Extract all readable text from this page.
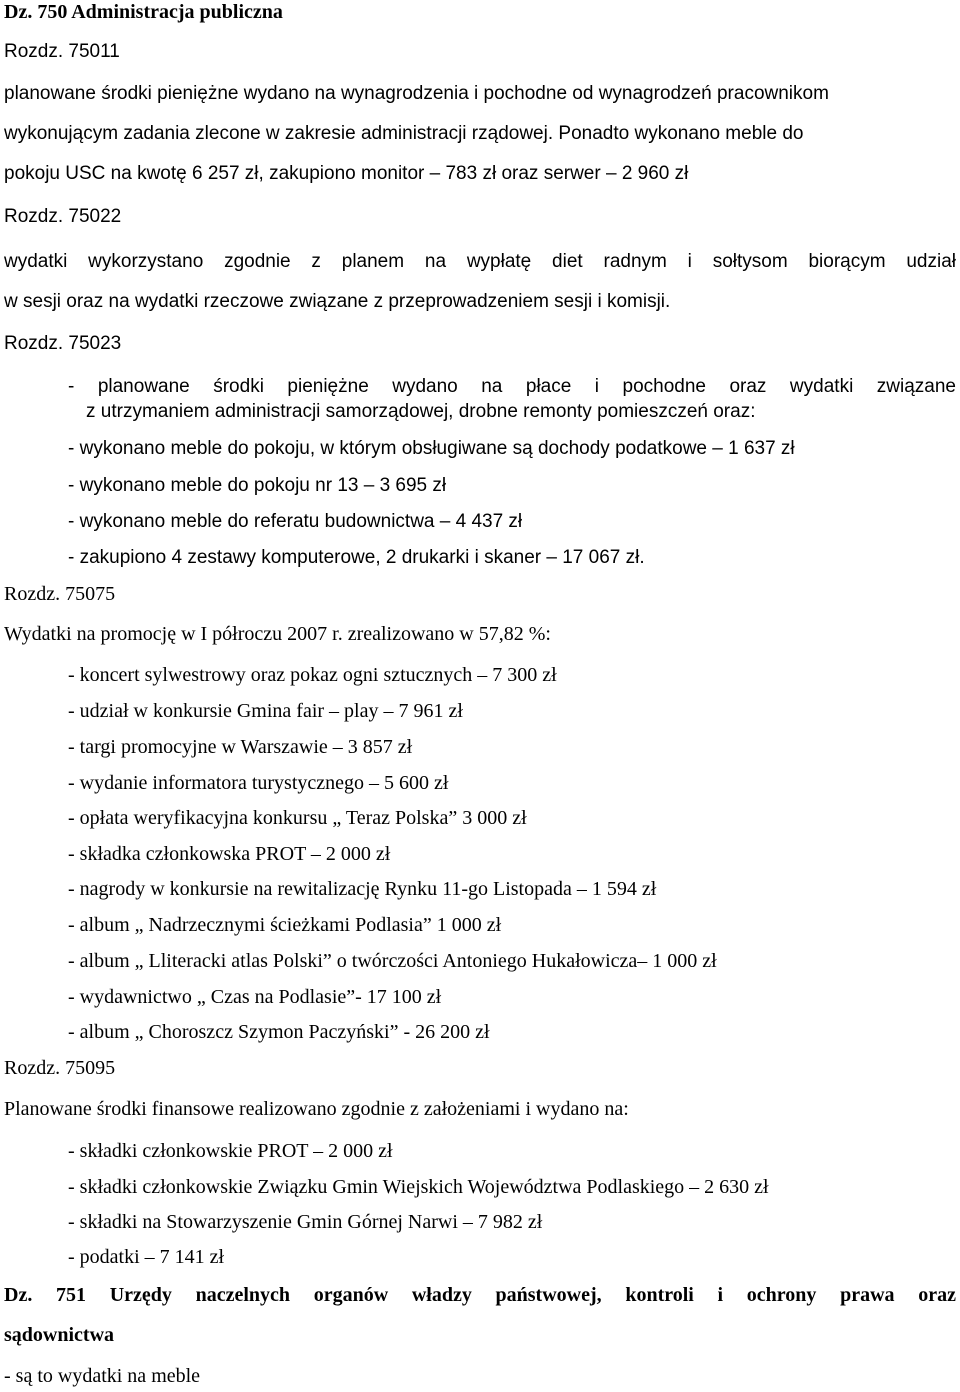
Dz. 750 Administracja publiczna
Rozdz. 75011
planowane środki pieniężne wydano na wynagrodzenia i pochodne od wynagrodzeń pracownikom
wykonującym zadania zlecone w zakresie administracji rządowej. Ponadto wykonano meble do
pokoju USC na kwotę 6 257 zł, zakupiono monitor – 783 zł oraz serwer – 2 960 zł
Rozdz. 75022
wydatki wykorzystano zgodnie z planem na wypłatę diet radnym i sołtysom biorącym udział
w sesji oraz na wydatki rzeczowe związane z przeprowadzeniem sesji i komisji.
Rozdz. 75023
- planowane środki pieniężne wydano na płace i pochodne oraz wydatki związane
z utrzymaniem administracji samorządowej, drobne remonty pomieszczeń oraz:
- wykonano meble do pokoju, w którym obsługiwane są dochody podatkowe – 1 637 zł
- wykonano meble do pokoju nr 13 – 3 695 zł
- wykonano meble do referatu budownictwa – 4 437 zł
- zakupiono 4 zestawy komputerowe, 2 drukarki i skaner – 17 067 zł.
Rozdz. 75075
Wydatki na promocję w I półroczu 2007 r. zrealizowano w 57,82 %:
- koncert sylwestrowy oraz pokaz ogni sztucznych – 7 300 zł
- udział w konkursie Gmina fair – play – 7 961 zł
- targi promocyjne w Warszawie – 3 857 zł
- wydanie informatora turystycznego – 5 600 zł
- opłata weryfikacyjna konkursu „ Teraz Polska” 3 000 zł
- składka członkowska PROT – 2 000 zł
- nagrody w konkursie na rewitalizację Rynku 11-go Listopada – 1 594 zł
- album „ Nadrzecznymi ścieżkami Podlasia” 1 000 zł
- album „ Lliteracki atlas Polski” o twórczości Antoniego Hukałowicza– 1 000 zł
- wydawnictwo „ Czas na Podlasie”- 17 100 zł
- album „ Choroszcz Szymon Paczyński” - 26 200 zł
Rozdz. 75095
Planowane środki finansowe realizowano zgodnie z założeniami i wydano na:
- składki członkowskie PROT – 2 000 zł
- składki członkowskie Związku Gmin Wiejskich Województwa Podlaskiego – 2 630 zł
- składki na Stowarzyszenie Gmin Górnej Narwi – 7 982 zł
- podatki – 7 141 zł
Dz. 751 Urzędy naczelnych organów władzy państwowej, kontroli i ochrony prawa oraz
sądownictwa
- są to wydatki na meble
